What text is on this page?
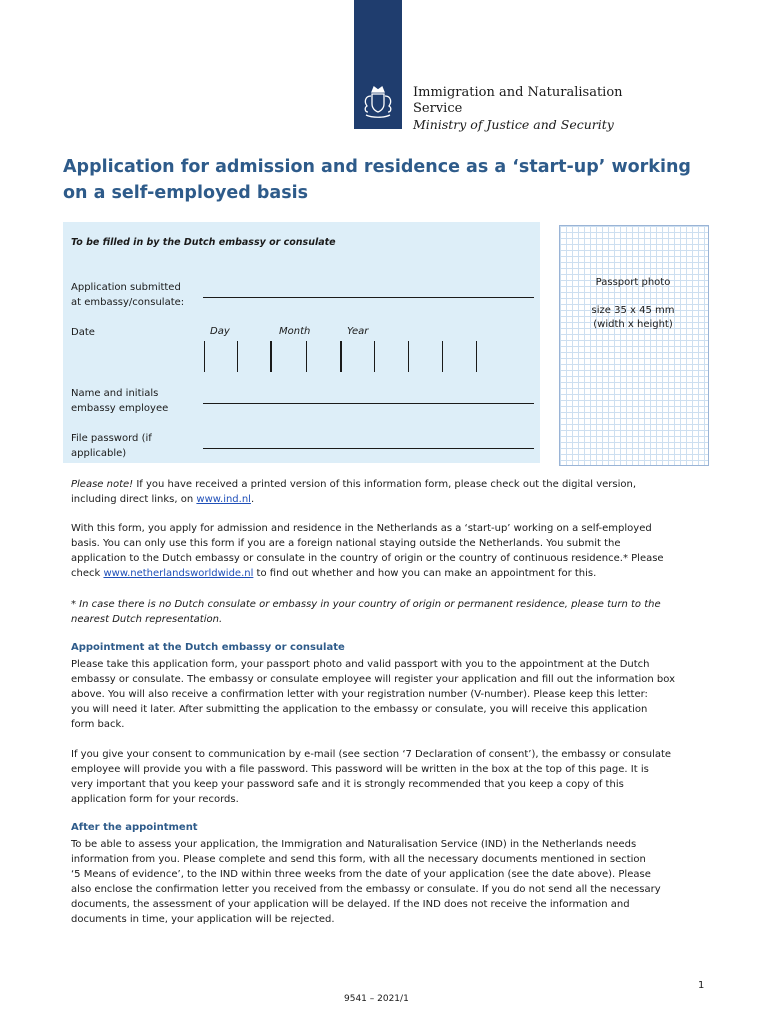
Immigration and Naturalisation
Service
Ministry of Justice and Security
Application for admission and residence as a ‘start-up’ working
on a self-employed basis
To be filled in by the Dutch embassy or consulate
Application submitted
at embassy/consulate:
Date	Day	Month	Year
Name and initials
embassy employee
File password (if
applicable)
Passport photo
size 35 x 45 mm
(width x height)
Please note! If you have received a printed version of this information form, please check out the digital version,
including direct links, on www.ind.nl.
With this form, you apply for admission and residence in the Netherlands as a ‘start-up’ working on a self-employed
basis. You can only use this form if you are a foreign national staying outside the Netherlands. You submit the
application to the Dutch embassy or consulate in the country of origin or the country of continuous residence.* Please
check www.netherlandsworldwide.nl to find out whether and how you can make an appointment for this.
* In case there is no Dutch consulate or embassy in your country of origin or permanent residence, please turn to the
nearest Dutch representation.
Appointment at the Dutch embassy or consulate
Please take this application form, your passport photo and valid passport with you to the appointment at the Dutch
embassy or consulate. The embassy or consulate employee will register your application and fill out the information box
above. You will also receive a confirmation letter with your registration number (V-number). Please keep this letter:
you will need it later. After submitting the application to the embassy or consulate, you will receive this application
form back.
If you give your consent to communication by e-mail (see section ‘7 Declaration of consent’), the embassy or consulate
employee will provide you with a file password. This password will be written in the box at the top of this page. It is
very important that you keep your password safe and it is strongly recommended that you keep a copy of this
application form for your records.
After the appointment
To be able to assess your application, the Immigration and Naturalisation Service (IND) in the Netherlands needs
information from you. Please complete and send this form, with all the necessary documents mentioned in section
‘5 Means of evidence’, to the IND within three weeks from the date of your application (see the date above). Please
also enclose the confirmation letter you received from the embassy or consulate. If you do not send all the necessary
documents, the assessment of your application will be delayed. If the IND does not receive the information and
documents in time, your application will be rejected.
1
9541 – 2021/1
